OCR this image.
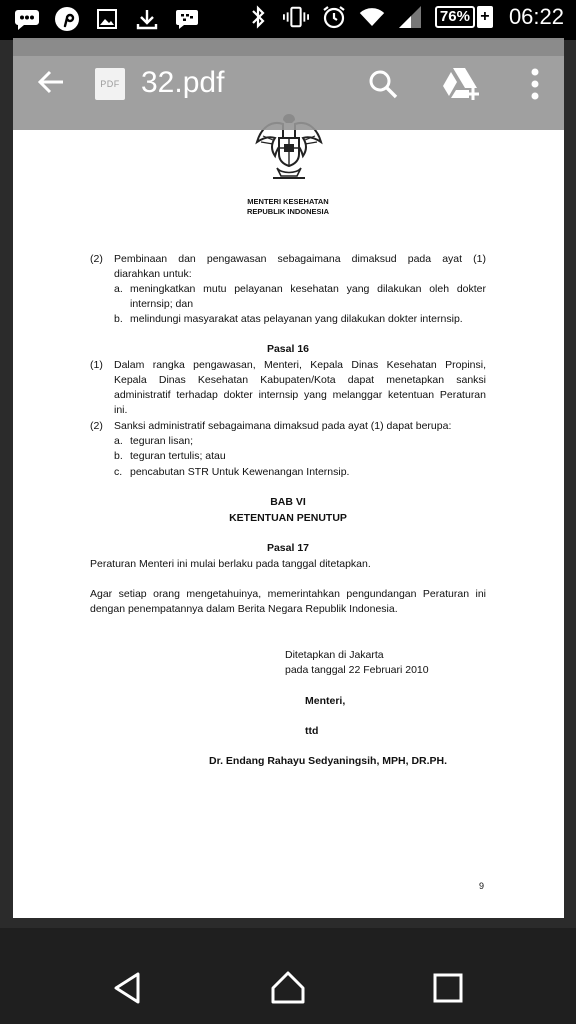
76% + 06:22
MENTERI KESEHATAN
REPUBLIK INDONESIA
(2) Pembinaan dan pengawasan sebagaimana dimaksud pada ayat (1)
diarahkan untuk:
a. meningkatkan mutu pelayanan kesehatan yang dilakukan oleh dokter
internsip; dan
b. melindungi masyarakat atas pelayanan yang dilakukan dokter internsip.
Pasal 16
(1) Dalam rangka pengawasan, Menteri, Kepala Dinas Kesehatan Propinsi,
Kepala Dinas Kesehatan Kabupaten/Kota dapat menetapkan sanksi
administratif terhadap dokter internsip yang melanggar ketentuan Peraturan
ini.
(2) Sanksi administratif sebagaimana dimaksud pada ayat (1) dapat berupa:
a. teguran lisan;
b. teguran tertulis; atau
c. pencabutan STR Untuk Kewenangan Internsip.
BAB VI
KETENTUAN PENUTUP
Pasal 17
Peraturan Menteri ini mulai berlaku pada tanggal ditetapkan.
Agar setiap orang mengetahuinya, memerintahkan pengundangan Peraturan ini
dengan penempatannya dalam Berita Negara Republik Indonesia.
Ditetapkan di Jakarta
pada tanggal 22 Februari 2010
Menteri,
ttd
Dr. Endang Rahayu Sedyaningsih, MPH, DR.PH.
9
PDF 32.pdf
